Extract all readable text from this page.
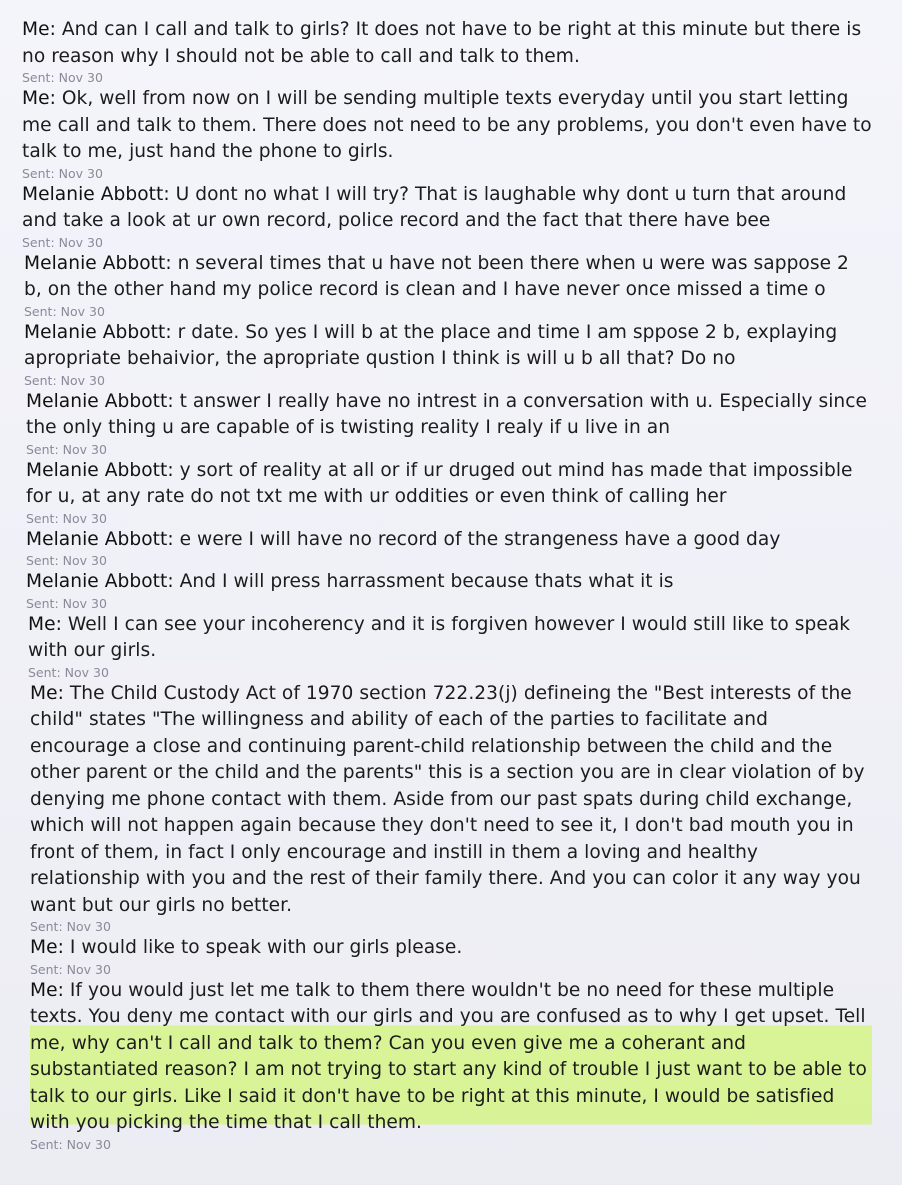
Me: And can I call and talk to girls? It does not have to be right at this minute but there is no reason why I should not be able to call and talk to them.

Sent: Nov 30

Me: Ok, well from now on I will be sending multiple texts everyday until you start letting me call and talk to them. There does not need to be any problems, you don't even have to talk to me, just hand the phone to girls.

Sent: Nov 30

Melanie Abbott: U dont no what I will try? That is laughable why dont u turn that around and take a look at ur own record, police record and the fact that there have bee

Sent: Nov 30

Melanie Abbott: n several times that u have not been there when u were was sappose 2 b, on the other hand my police record is clean and I have never once missed a time o

Sent: Nov 30

Melanie Abbott: r date. So yes I will b at the place and time I am sppose 2 b, explaying apropriate behaivior, the apropriate qustion I think is will u b all that? Do no

Sent: Nov 30

Melanie Abbott: t answer I really have no intrest in a conversation with u. Especially since the only thing u are capable of is twisting reality I realy if u live in an

Sent: Nov 30

Melanie Abbott: y sort of reality at all or if ur druged out mind has made that impossible for u, at any rate do not txt me with ur oddities or even think of calling her

Sent: Nov 30

Melanie Abbott: e were I will have no record of the strangeness have a good day

Sent: Nov 30

Melanie Abbott: And I will press harrassment because thats what it is

Sent: Nov 30

Me: Well I can see your incoherency and it is forgiven however I would still like to speak with our girls.

Sent: Nov 30

Me: The Child Custody Act of 1970 section 722.23(j) defineing the "Best interests of the child" states "The willingness and ability of each of the parties to facilitate and encourage a close and continuing parent-child relationship between the child and the other parent or the child and the parents" this is a section you are in clear violation of by denying me phone contact with them. Aside from our past spats during child exchange, which will not happen again because they don't need to see it, I don't bad mouth you in front of them, in fact I only encourage and instill in them a loving and healthy relationship with you and the rest of their family there. And you can color it any way you want but our girls no better.

Sent: Nov 30

Me: I would like to speak with our girls please.

Sent: Nov 30

Me: If you would just let me talk to them there wouldn't be no need for these multiple texts. You deny me contact with our girls and you are confused as to why I get upset. Tell me, why can't I call and talk to them? Can you even give me a coherant and substantiated reason? I am not trying to start any kind of trouble I just want to be able to talk to our girls. Like I said it don't have to be right at this minute, I would be satisfied with you picking the time that I call them.

Sent: Nov 30
